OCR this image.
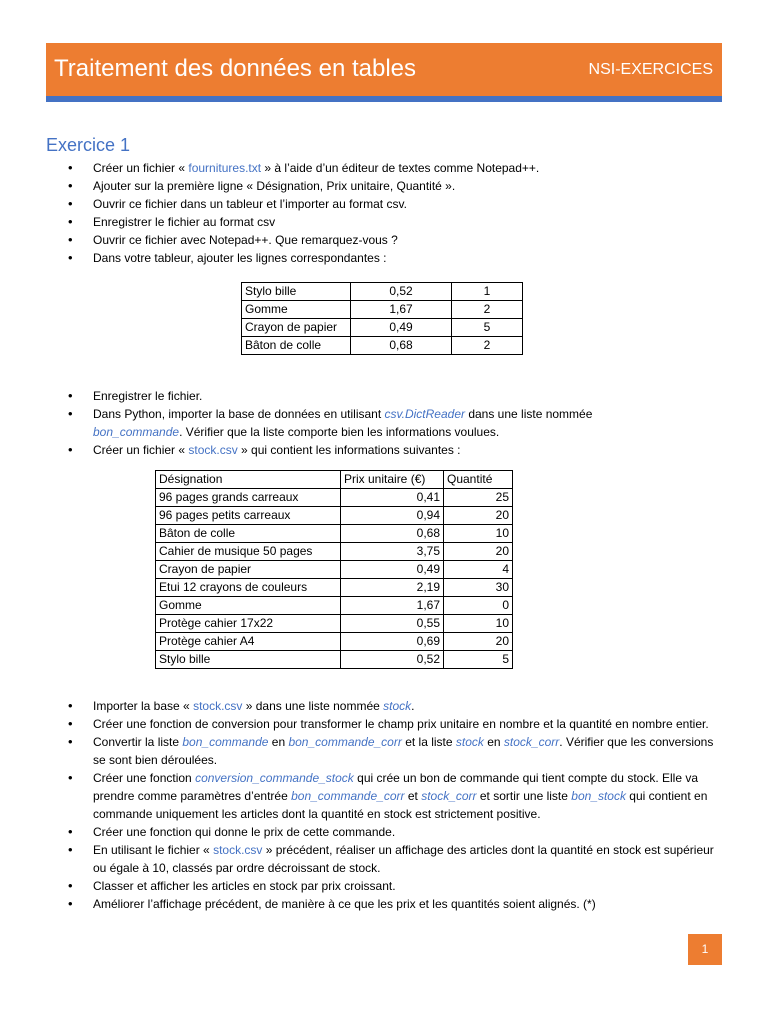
Traitement des données en tables	NSI-EXERCICES
Exercice 1
• Créer un fichier « fournitures.txt » à l’aide d’un éditeur de textes comme Notepad++.
• Ajouter sur la première ligne « Désignation, Prix unitaire, Quantité ».
• Ouvrir ce fichier dans un tableur et l’importer au format csv.
• Enregistrer le fichier au format csv
• Ouvrir ce fichier avec Notepad++. Que remarquez-vous ?
• Dans votre tableur, ajouter les lignes correspondantes :
Stylo bille	0,52	1
Gomme	1,67	2
Crayon de papier	0,49	5
Bâton de colle	0,68	2
• Enregistrer le fichier.
• Dans Python, importer la base de données en utilisant csv.DictReader dans une liste nommée
bon_commande. Vérifier que la liste comporte bien les informations voulues.
• Créer un fichier « stock.csv » qui contient les informations suivantes :
Désignation	Prix unitaire (€)	Quantité
96 pages grands carreaux	0,41	25
96 pages petits carreaux	0,94	20
Bâton de colle	0,68	10
Cahier de musique 50 pages	3,75	20
Crayon de papier	0,49	4
Etui 12 crayons de couleurs	2,19	30
Gomme	1,67	0
Protège cahier 17x22	0,55	10
Protège cahier A4	0,69	20
Stylo bille	0,52	5
• Importer la base « stock.csv » dans une liste nommée stock.
• Créer une fonction de conversion pour transformer le champ prix unitaire en nombre et la quantité en nombre entier.
• Convertir la liste bon_commande en bon_commande_corr et la liste stock en stock_corr. Vérifier que les conversions se sont bien déroulées.
• Créer une fonction conversion_commande_stock qui crée un bon de commande qui tient compte du stock. Elle va prendre comme paramètres d’entrée bon_commande_corr et stock_corr et sortir une liste bon_stock qui contient en commande uniquement les articles dont la quantité en stock est strictement positive.
• Créer une fonction qui donne le prix de cette commande.
• En utilisant le fichier « stock.csv » précédent, réaliser un affichage des articles dont la quantité en stock est supérieur ou égale à 10, classés par ordre décroissant de stock.
• Classer et afficher les articles en stock par prix croissant.
• Améliorer l’affichage précédent, de manière à ce que les prix et les quantités soient alignés. (*)
1
